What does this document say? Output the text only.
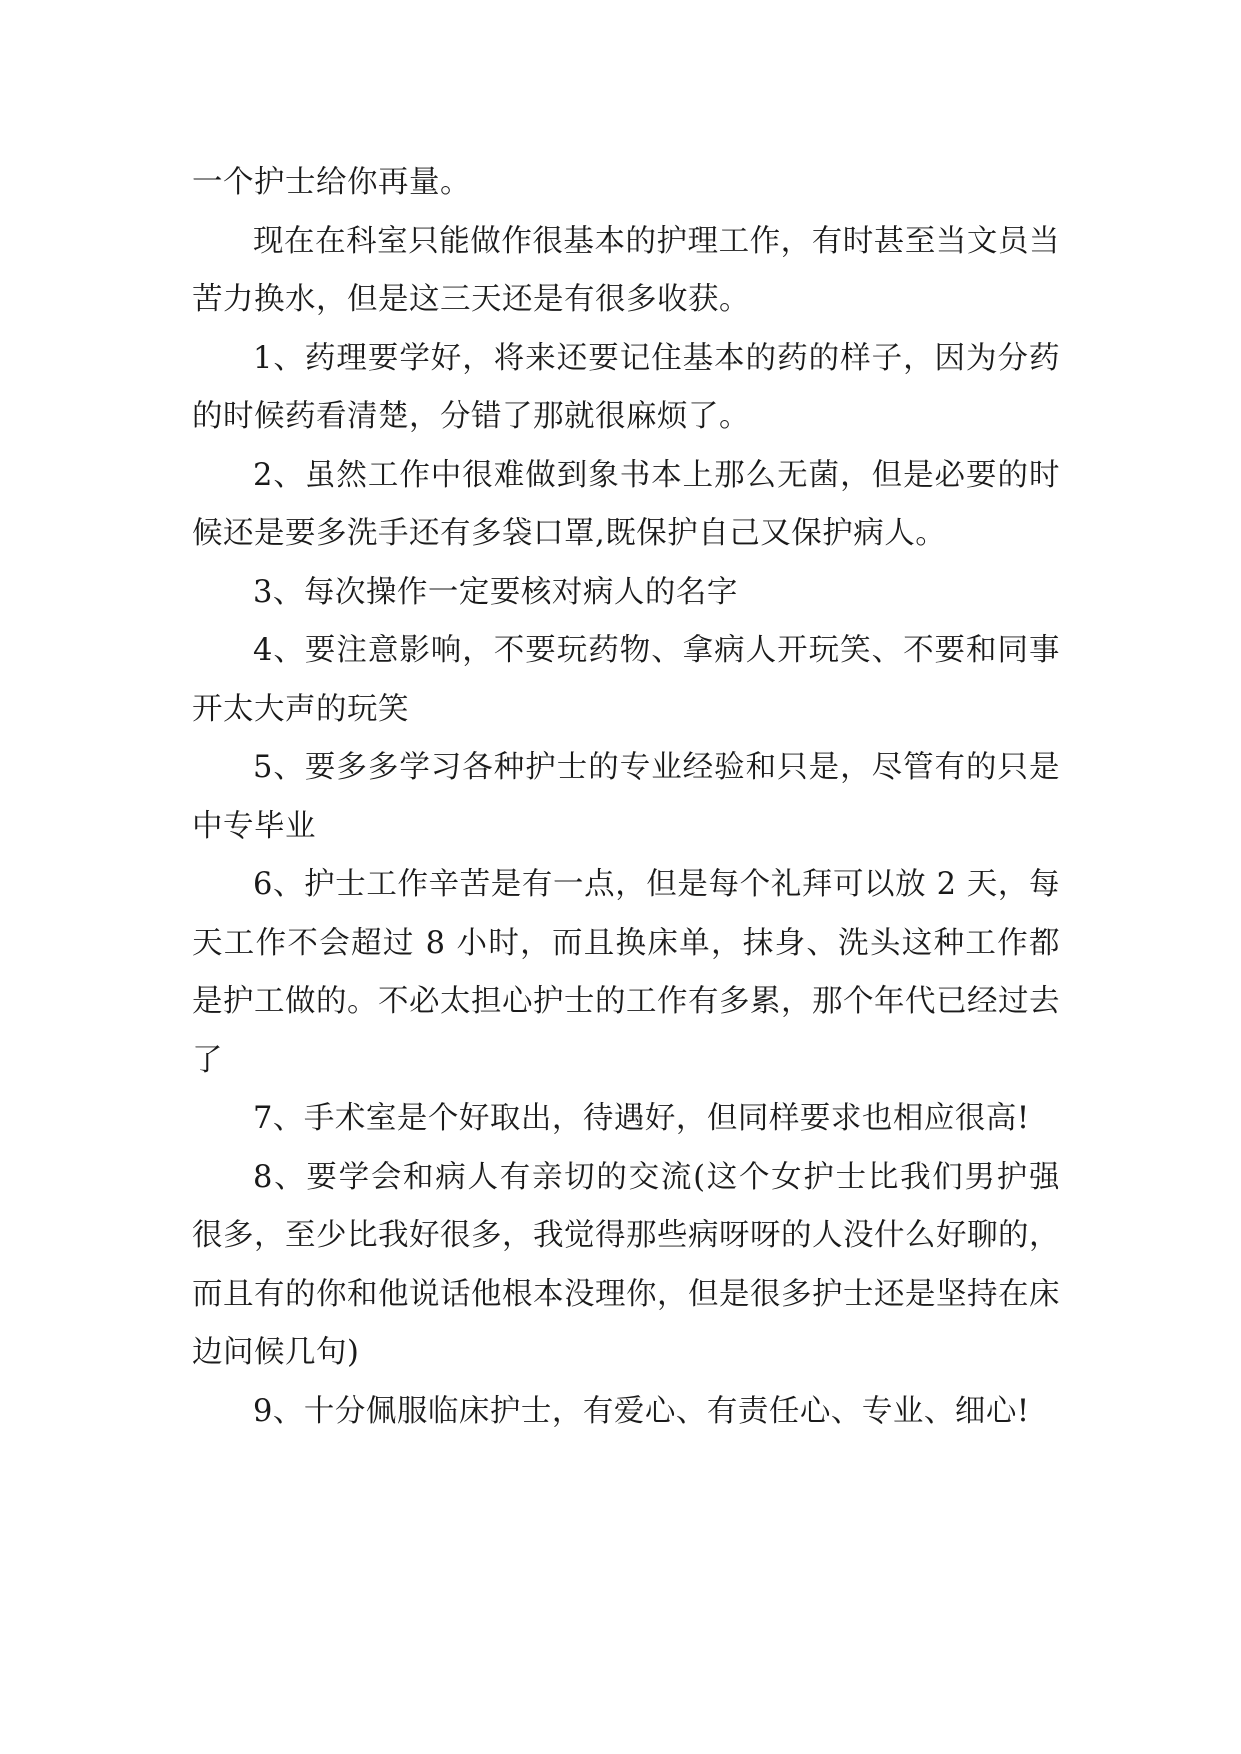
一个护士给你再量。

现在在科室只能做作很基本的护理工作，有时甚至当文员当苦力换水，但是这三天还是有很多收获。

1、药理要学好，将来还要记住基本的药的样子，因为分药的时候药看清楚，分错了那就很麻烦了。

2、虽然工作中很难做到象书本上那么无菌，但是必要的时候还是要多洗手还有多袋口罩,既保护自己又保护病人。

3、每次操作一定要核对病人的名字

4、要注意影响，不要玩药物、拿病人开玩笑、不要和同事开太大声的玩笑

5、要多多学习各种护士的专业经验和只是，尽管有的只是中专毕业

6、护士工作辛苦是有一点，但是每个礼拜可以放 2 天，每天工作不会超过 8 小时，而且换床单，抹身、洗头这种工作都是护工做的。不必太担心护士的工作有多累，那个年代已经过去了

7、手术室是个好取出，待遇好，但同样要求也相应很高!

8、要学会和病人有亲切的交流(这个女护士比我们男护强很多，至少比我好很多，我觉得那些病呀呀的人没什么好聊的，而且有的你和他说话他根本没理你，但是很多护士还是坚持在床边问候几句)

9、十分佩服临床护士，有爱心、有责任心、专业、细心!
